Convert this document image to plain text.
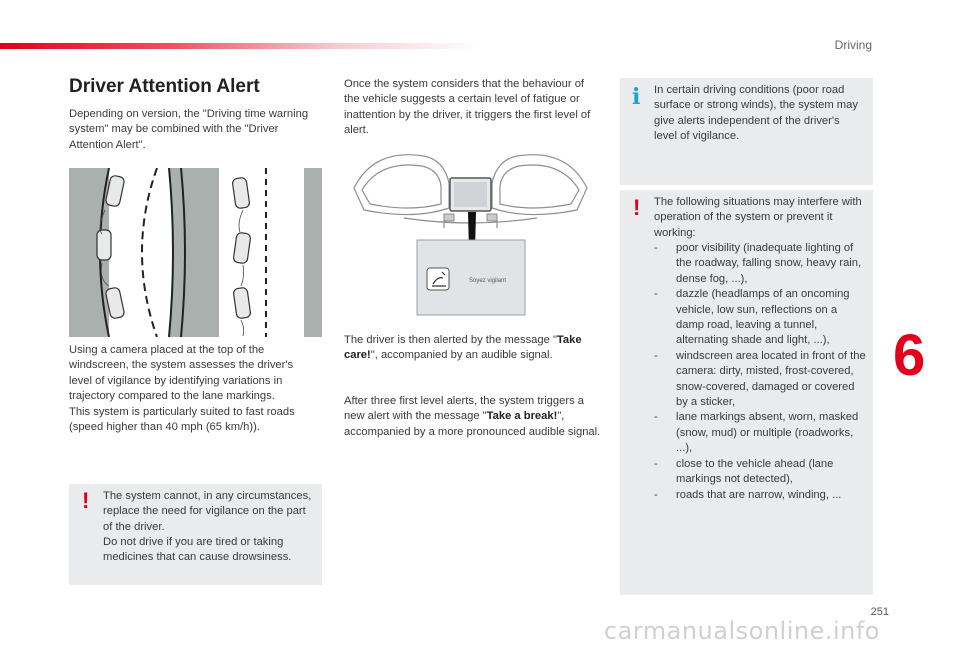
Driving
6
251
carmanualsonline.info
Driver Attention Alert

Depending on version, the "Driving time warning system" may be combined with the "Driver Attention Alert".

Using a camera placed at the top of the windscreen, the system assesses the driver's level of vigilance by identifying variations in trajectory compared to the lane markings.

This system is particularly suited to fast roads (speed higher than 40 mph (65 km/h)).

! The system cannot, in any circumstances, replace the need for vigilance on the part of the driver.

Do not drive if you are tired or taking medicines that can cause drowsiness.

Once the system considers that the behaviour of the vehicle suggests a certain level of fatigue or inattention by the driver, it triggers the first level of alert.

Soyez vigilant

The driver is then alerted by the message "Take care!", accompanied by an audible signal.

After three first level alerts, the system triggers a new alert with the message "Take a break!", accompanied by a more pronounced audible signal.

i In certain driving conditions (poor road surface or strong winds), the system may give alerts independent of the driver's level of vigilance.

! The following situations may interfere with operation of the system or prevent it working:

- poor visibility (inadequate lighting of the roadway, falling snow, heavy rain, dense fog, ...),
- dazzle (headlamps of an oncoming vehicle, low sun, reflections on a damp road, leaving a tunnel, alternating shade and light, ...),
- windscreen area located in front of the camera: dirty, misted, frost-covered, snow-covered, damaged or covered by a sticker,
- lane markings absent, worn, masked (snow, mud) or multiple (roadworks, ...),
- close to the vehicle ahead (lane markings not detected),
- roads that are narrow, winding, ...
